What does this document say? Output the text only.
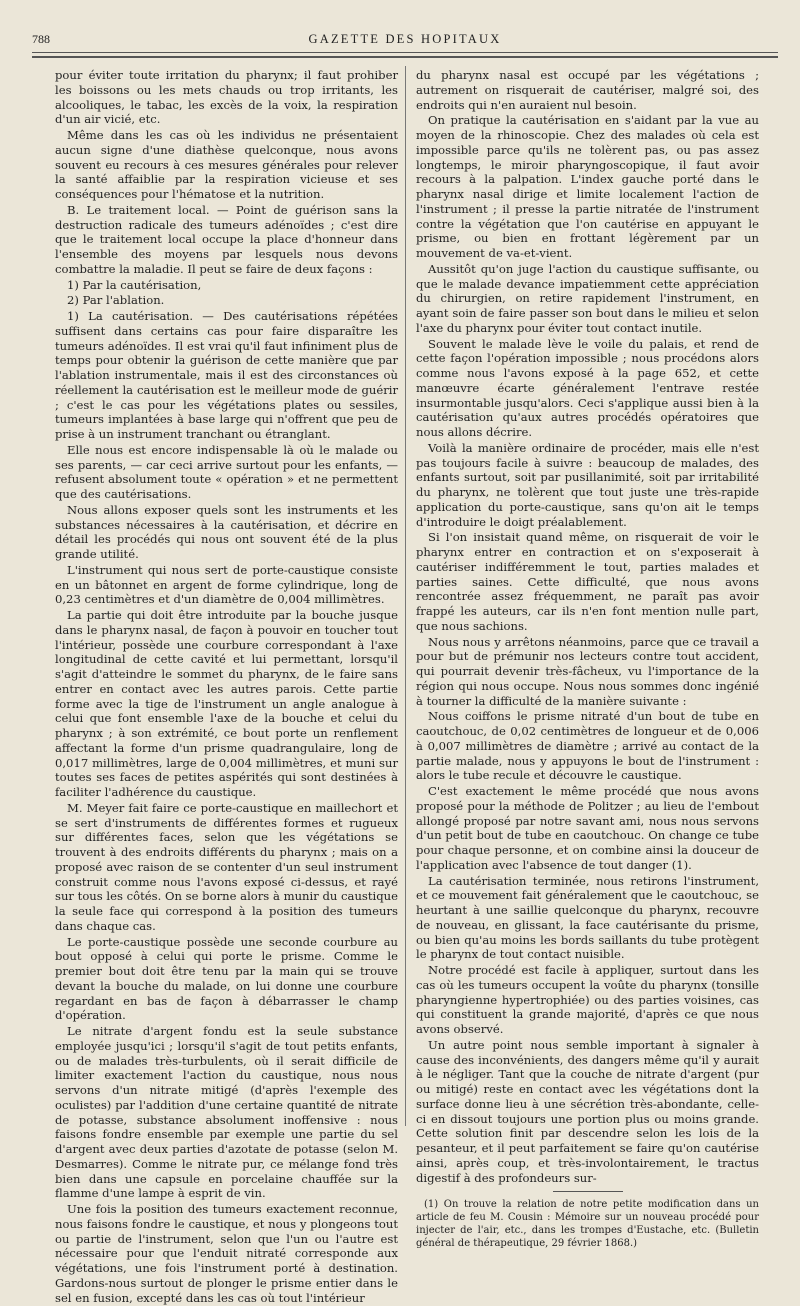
788	GAZETTE DES HOPITAUX

pour éviter toute irritation du pharynx; il faut prohiber les boissons ou les mets chauds ou trop irritants, les alcooliques, le tabac, les excès de la voix, la respiration d'un air vicié, etc.

Même dans les cas où les individus ne présentaient aucun signe d'une diathèse quelconque, nous avons souvent eu recours à ces mesures générales pour relever la santé affaiblie par la respiration vicieuse et ses conséquences pour l'hématose et la nutrition.

B. Le traitement local. — Point de guérison sans la destruction radicale des tumeurs adénoïdes ; c'est dire que le traitement local occupe la place d'honneur dans l'ensemble des moyens par lesquels nous devons combattre la maladie. Il peut se faire de deux façons :

1) Par la cautérisation,

2) Par l'ablation.

1) La cautérisation. — Des cautérisations répétées suffisent dans certains cas pour faire disparaître les tumeurs adénoïdes. Il est vrai qu'il faut infiniment plus de temps pour obtenir la guérison de cette manière que par l'ablation instrumentale, mais il est des circonstances où réellement la cautérisation est le meilleur mode de guérir ; c'est le cas pour les végétations plates ou sessiles, tumeurs implantées à base large qui n'offrent que peu de prise à un instrument tranchant ou étranglant.

Elle nous est encore indispensable là où le malade ou ses parents, — car ceci arrive surtout pour les enfants, — refusent absolument toute « opération » et ne permettent que des cautérisations.

Nous allons exposer quels sont les instruments et les substances nécessaires à la cautérisation, et décrire en détail les procédés qui nous ont souvent été de la plus grande utilité.

L'instrument qui nous sert de porte-caustique consiste en un bâtonnet en argent de forme cylindrique, long de 0,23 centimètres et d'un diamètre de 0,004 millimètres.

La partie qui doit être introduite par la bouche jusque dans le pharynx nasal, de façon à pouvoir en toucher tout l'intérieur, possède une courbure correspondant à l'axe longitudinal de cette cavité et lui permettant, lorsqu'il s'agit d'atteindre le sommet du pharynx, de le faire sans entrer en contact avec les autres parois. Cette partie forme avec la tige de l'instrument un angle analogue à celui que font ensemble l'axe de la bouche et celui du pharynx ; à son extrémité, ce bout porte un renflement affectant la forme d'un prisme quadrangulaire, long de 0,017 millimètres, large de 0,004 millimètres, et muni sur toutes ses faces de petites aspérités qui sont destinées à faciliter l'adhérence du caustique.

M. Meyer fait faire ce porte-caustique en maillechort et se sert d'instruments de différentes formes et rugueux sur différentes faces, selon que les végétations se trouvent à des endroits différents du pharynx ; mais on a proposé avec raison de se contenter d'un seul instrument construit comme nous l'avons exposé ci-dessus, et rayé sur tous les côtés. On se borne alors à munir du caustique la seule face qui correspond à la position des tumeurs dans chaque cas.

Le porte-caustique possède une seconde courbure au bout opposé à celui qui porte le prisme. Comme le premier bout doit être tenu par la main qui se trouve devant la bouche du malade, on lui donne une courbure regardant en bas de façon à débarrasser le champ d'opération.

Le nitrate d'argent fondu est la seule substance employée jusqu'ici ; lorsqu'il s'agit de tout petits enfants, ou de malades très-turbulents, où il serait difficile de limiter exactement l'action du caustique, nous nous servons d'un nitrate mitigé (d'après l'exemple des oculistes) par l'addition d'une certaine quantité de nitrate de potasse, substance absolument inoffensive : nous faisons fondre ensemble par exemple une partie du sel d'argent avec deux parties d'azotate de potasse (selon M. Desmarres). Comme le nitrate pur, ce mélange fond très bien dans une capsule en porcelaine chauffée sur la flamme d'une lampe à esprit de vin.

Une fois la position des tumeurs exactement reconnue, nous faisons fondre le caustique, et nous y plongeons tout ou partie de l'instrument, selon que l'un ou l'autre est nécessaire pour que l'enduit nitraté corresponde aux végétations, une fois l'instrument porté à destination. Gardons-nous surtout de plonger le prisme entier dans le sel en fusion, excepté dans les cas où tout l'intérieur

du pharynx nasal est occupé par les végétations ; autrement on risquerait de cautériser, malgré soi, des endroits qui n'en auraient nul besoin.

On pratique la cautérisation en s'aidant par la vue au moyen de la rhinoscopie. Chez des malades où cela est impossible parce qu'ils ne tolèrent pas, ou pas assez longtemps, le miroir pharyngoscopique, il faut avoir recours à la palpation. L'index gauche porté dans le pharynx nasal dirige et limite localement l'action de l'instrument ; il presse la partie nitratée de l'instrument contre la végétation que l'on cautérise en appuyant le prisme, ou bien en frottant légèrement par un mouvement de va-et-vient.

Aussitôt qu'on juge l'action du caustique suffisante, ou que le malade devance impatiemment cette appréciation du chirurgien, on retire rapidement l'instrument, en ayant soin de faire passer son bout dans le milieu et selon l'axe du pharynx pour éviter tout contact inutile.

Souvent le malade lève le voile du palais, et rend de cette façon l'opération impossible ; nous procédons alors comme nous l'avons exposé à la page 652, et cette manœuvre écarte généralement l'entrave restée insurmontable jusqu'alors. Ceci s'applique aussi bien à la cautérisation qu'aux autres procédés opératoires que nous allons décrire.

Voilà la manière ordinaire de procéder, mais elle n'est pas toujours facile à suivre : beaucoup de malades, des enfants surtout, soit par pusillanimité, soit par irritabilité du pharynx, ne tolèrent que tout juste une très-rapide application du porte-caustique, sans qu'on ait le temps d'introduire le doigt préalablement.

Si l'on insistait quand même, on risquerait de voir le pharynx entrer en contraction et on s'exposerait à cautériser indifféremment le tout, parties malades et parties saines. Cette difficulté, que nous avons rencontrée assez fréquemment, ne paraît pas avoir frappé les auteurs, car ils n'en font mention nulle part, que nous sachions.

Nous nous y arrêtons néanmoins, parce que ce travail a pour but de prémunir nos lecteurs contre tout accident, qui pourrait devenir très-fâcheux, vu l'importance de la région qui nous occupe. Nous nous sommes donc ingénié à tourner la difficulté de la manière suivante :

Nous coiffons le prisme nitraté d'un bout de tube en caoutchouc, de 0,02 centimètres de longueur et de 0,006 à 0,007 millimètres de diamètre ; arrivé au contact de la partie malade, nous y appuyons le bout de l'instrument : alors le tube recule et découvre le caustique.

C'est exactement le même procédé que nous avons proposé pour la méthode de Politzer ; au lieu de l'embout allongé proposé par notre savant ami, nous nous servons d'un petit bout de tube en caoutchouc. On change ce tube pour chaque personne, et on combine ainsi la douceur de l'application avec l'absence de tout danger (1).

La cautérisation terminée, nous retirons l'instrument, et ce mouvement fait généralement que le caoutchouc, se heurtant à une saillie quelconque du pharynx, recouvre de nouveau, en glissant, la face cautérisante du prisme, ou bien qu'au moins les bords saillants du tube protègent le pharynx de tout contact nuisible.

Notre procédé est facile à appliquer, surtout dans les cas où les tumeurs occupent la voûte du pharynx (tonsille pharyngienne hypertrophiée) ou des parties voisines, cas qui constituent la grande majorité, d'après ce que nous avons observé.

Un autre point nous semble important à signaler à cause des inconvénients, des dangers même qu'il y aurait à le négliger. Tant que la couche de nitrate d'argent (pur ou mitigé) reste en contact avec les végétations dont la surface donne lieu à une sécrétion très-abondante, celle-ci en dissout toujours une portion plus ou moins grande. Cette solution finit par descendre selon les lois de la pesanteur, et il peut parfaitement se faire qu'on cautérise ainsi, après coup, et très-involontairement, le tractus digestif à des profondeurs sur-

(1) On trouve la relation de notre petite modification dans un article de feu M. Cousin : Mémoire sur un nouveau procédé pour injecter de l'air, etc., dans les trompes d'Eustache, etc. (Bulletin général de thérapeutique, 29 février 1868.)
